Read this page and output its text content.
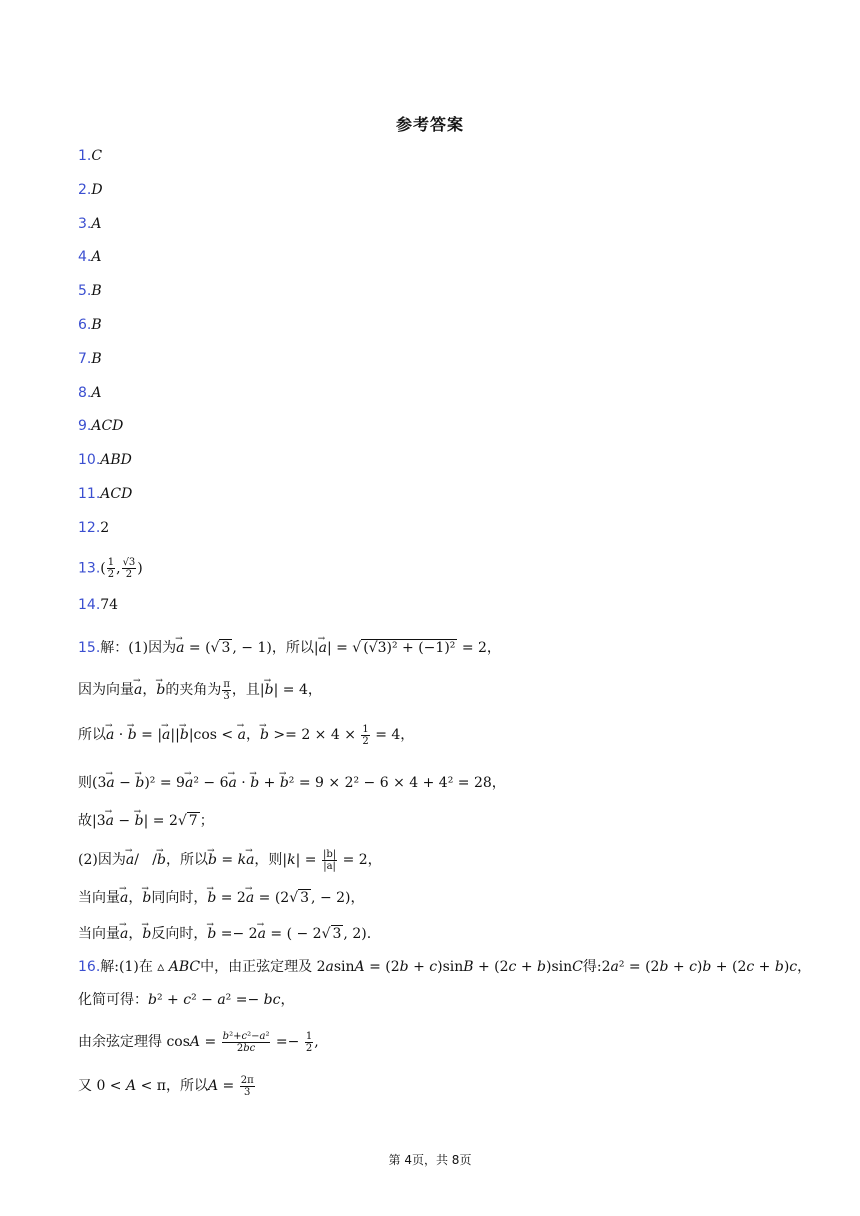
参考答案
1.C
2.D
3.A
4.A
5.B
6.B
7.B
8.A
9.ACD
10.ABD
11.ACD
12.2
$13.( \frac{1}{2}$ , $\frac{√3}{2}$ )
14.74
15.解：(1)因为→ a = (√ 3 , − 1)，所以|→ a| = √ (√3)² + (−1)² = 2，
因为向量→ a，→ b的夹角为 $\frac{\pi}{3}$ ，且|→ b| = 4，
所以→ a · → b = |→ a||→ b|cos < → a，→ $b >= 2 \times 4 \times \frac{1}{2} = 4$，
则(3→ a − → b)² = 9→ a² − 6→ a · → b + → b² = 9 × 2² − 6 × 4 + 4² = 28，
故|3→ a − → b| = 2√ 7 ；
(2)因为→ a/   /→ b，所以→ b = k→ a，则$|k| = \frac{|b|}{|a|} = 2$，
当向量→ a，→ b同向时，→ b = 2→ a = (2√ 3 , − 2)，
当向量→ a，→ b反向时，→ b =− 2→ a = ( − 2√ 3 , 2).
16.解:(1)在 ▵ ABC中，由正弦定理及 2asinA = (2b + c)sinB + (2c + b)sinC得:2a² = (2b + c)b + (2c + b)c，
化简可得：b² + c² − a² =− bc，
由余弦定理得 $\cos A = \frac{\text{b²+c²−a²}}{2bc} =- \frac{1}{2}$ ,
又 0 < A < π，所以$A = \frac{2\pi}{3}$
第 4页，共 8页
